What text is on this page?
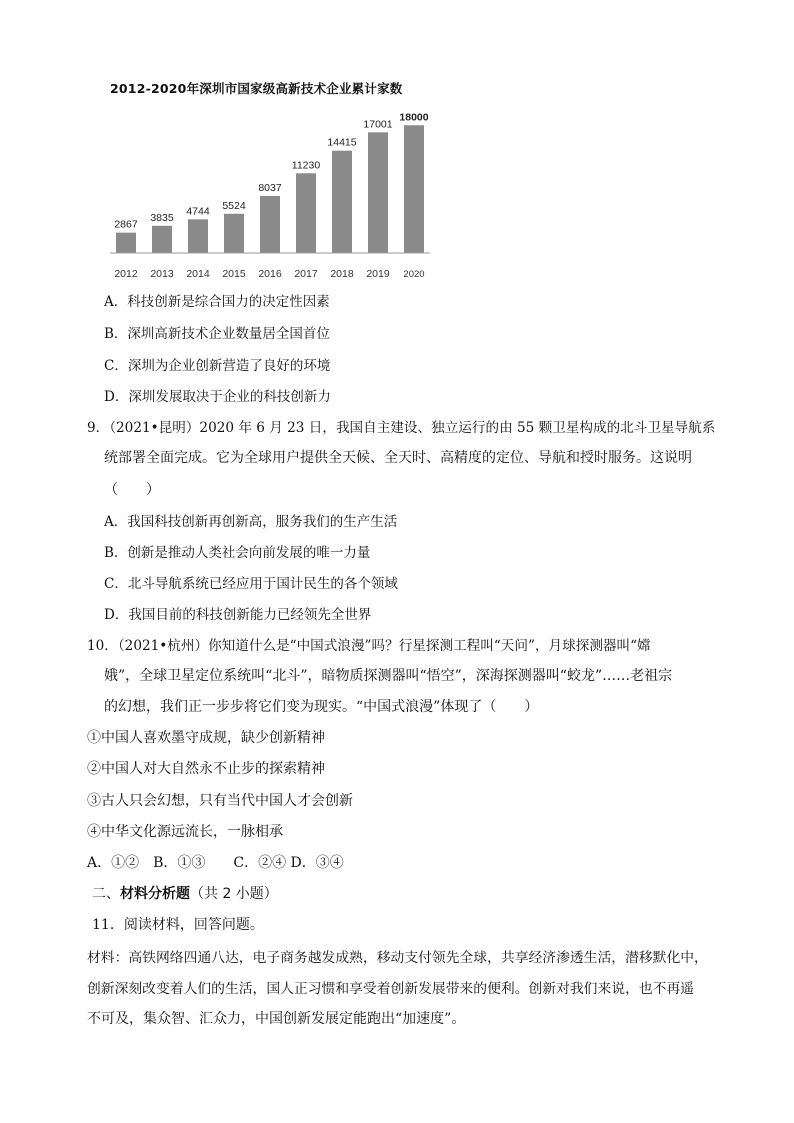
2012-2020年深圳市国家级高新技术企业累计家数
2867
3835
4744 5524
8037
11230
14415
17001
18000
2012 2013 2014 2015 2016 2017 2018 2019 2020
A．科技创新是综合国力的决定性因素
B．深圳高新技术企业数量居全国首位
C．深圳为企业创新营造了良好的环境
D．深圳发展取决于企业的科技创新力
9．（2021•昆明）2020 年 6 月 23 日，我国自主建设、独立运行的由 55 颗卫星构成的北斗卫星导航系
统部署全面完成。它为全球用户提供全天候、全天时、高精度的定位、导航和授时服务。这说明
（　　）
A．我国科技创新再创新高，服务我们的生产生活
B．创新是推动人类社会向前发展的唯一力量
C．北斗导航系统已经应用于国计民生的各个领域
D．我国目前的科技创新能力已经领先全世界
10．（2021•杭州）你知道什么是“中国式浪漫”吗？行星探测工程叫“天问”，月球探测器叫“嫦
娥”，全球卫星定位系统叫“北斗”，暗物质探测器叫“悟空”，深海探测器叫“蛟龙”……老祖宗
的幻想，我们正一步步将它们变为现实。“中国式浪漫”体现了（　　）
①中国人喜欢墨守成规，缺少创新精神
②中国人对大自然永不止步的探索精神
③古人只会幻想，只有当代中国人才会创新
④中华文化源远流长，一脉相承
A．①②　B．①③　　C．②④ D．③④
二、材料分析题（共 2 小题）
11．阅读材料，回答问题。
材料：高铁网络四通八达，电子商务越发成熟，移动支付领先全球，共享经济渗透生活，潜移默化中，
创新深刻改变着人们的生活，国人正习惯和享受着创新发展带来的便利。创新对我们来说，也不再遥
不可及，集众智、汇众力，中国创新发展定能跑出“加速度”。
